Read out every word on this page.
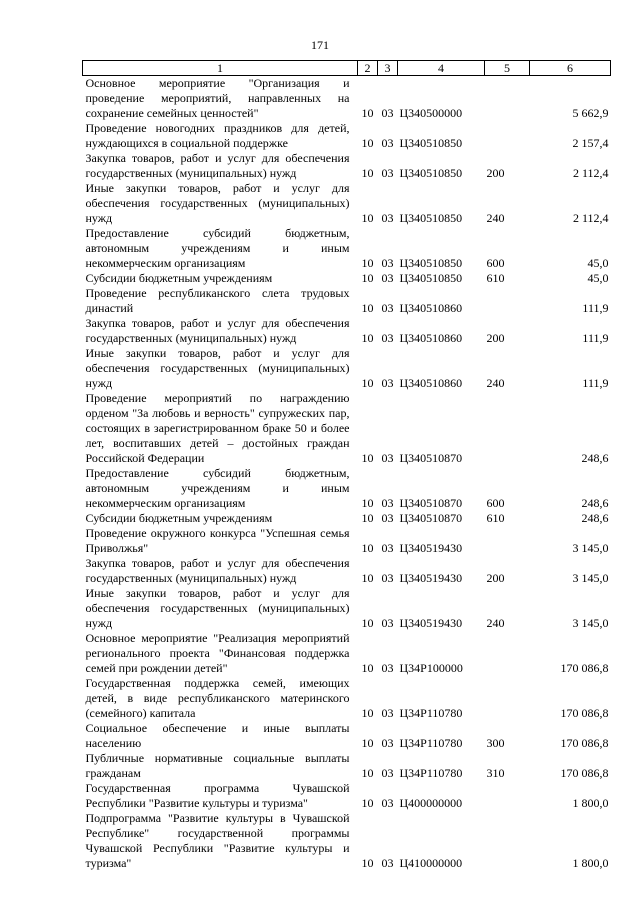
171
1	2	3	4	5	6
Основное мероприятие "Организация и проведение мероприятий, направленных на сохранение семейных ценностей"	10	03	Ц340500000		5 662,9
Проведение новогодних праздников для детей, нуждающихся в социальной поддержке	10	03	Ц340510850		2 157,4
Закупка товаров, работ и услуг для обеспечения государственных (муниципальных) нужд	10	03	Ц340510850	200	2 112,4
Иные закупки товаров, работ и услуг для обеспечения государственных (муниципальных) нужд	10	03	Ц340510850	240	2 112,4
Предоставление субсидий бюджетным, автономным учреждениям и иным некоммерческим организациям	10	03	Ц340510850	600	45,0
Субсидии бюджетным учреждениям	10	03	Ц340510850	610	45,0
Проведение республиканского слета трудовых династий	10	03	Ц340510860		111,9
Закупка товаров, работ и услуг для обеспечения государственных (муниципальных) нужд	10	03	Ц340510860	200	111,9
Иные закупки товаров, работ и услуг для обеспечения государственных (муниципальных) нужд	10	03	Ц340510860	240	111,9
Проведение мероприятий по награждению орденом "За любовь и верность" супружеских пар, состоящих в зарегистрированном браке 50 и более лет, воспитавших детей – достойных граждан Российской Федерации	10	03	Ц340510870		248,6
Предоставление субсидий бюджетным, автономным учреждениям и иным некоммерческим организациям	10	03	Ц340510870	600	248,6
Субсидии бюджетным учреждениям	10	03	Ц340510870	610	248,6
Проведение окружного конкурса "Успешная семья Приволжья"	10	03	Ц340519430		3 145,0
Закупка товаров, работ и услуг для обеспечения государственных (муниципальных) нужд	10	03	Ц340519430	200	3 145,0
Иные закупки товаров, работ и услуг для обеспечения государственных (муниципальных) нужд	10	03	Ц340519430	240	3 145,0
Основное мероприятие "Реализация мероприятий регионального проекта "Финансовая поддержка семей при рождении детей"	10	03	Ц34P100000		170 086,8
Государственная поддержка семей, имеющих детей, в виде республиканского материнского (семейного) капитала	10	03	Ц34P110780		170 086,8
Социальное обеспечение и иные выплаты населению	10	03	Ц34P110780	300	170 086,8
Публичные нормативные социальные выплаты гражданам	10	03	Ц34P110780	310	170 086,8
Государственная программа Чувашской Республики "Развитие культуры и туризма"	10	03	Ц400000000		1 800,0
Подпрограмма "Развитие культуры в Чувашской Республике" государственной программы Чувашской Республики "Развитие культуры и туризма"	10	03	Ц410000000		1 800,0
